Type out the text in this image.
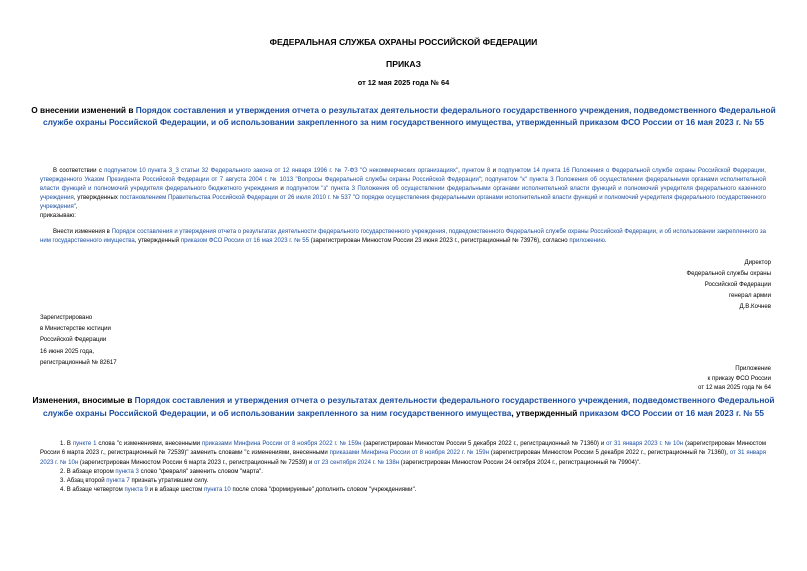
ФЕДЕРАЛЬНАЯ СЛУЖБА ОХРАНЫ РОССИЙСКОЙ ФЕДЕРАЦИИ
ПРИКАЗ
от 12 мая 2025 года № 64
О внесении изменений в Порядок составления и утверждения отчета о результатах деятельности федерального государственного учреждения, подведомственного Федеральной службе охраны Российской Федерации, и об использовании закрепленного за ним государственного имущества, утвержденный приказом ФСО России от 16 мая 2023 г. № 55
В соответствии с подпунктом 10 пункта 3_3 статьи 32 Федерального закона от 12 января 1996 г. № 7-ФЗ "О некоммерческих организациях", пунктом 8 и подпунктом 14 пункта 16 Положения о Федеральной службе охраны Российской Федерации, утвержденного Указом Президента Российской Федерации от 7 августа 2004 г. № 1013 "Вопросы Федеральной службы охраны Российской Федерации"; подпунктом "к" пункта 3 Положения об осуществлении федеральными органами исполнительной власти функций и полномочий учредителя федерального бюджетного учреждения и подпунктом "з" пункта 3 Положения об осуществлении федеральными органами исполнительной власти функций и полномочий учредителя федерального казенного учреждения, утвержденных постановлением Правительства Российской Федерации от 26 июля 2010 г. № 537 "О порядке осуществления федеральными органами исполнительной власти функций и полномочий учредителя федерального государственного учреждения",
приказываю:
Внести изменения в Порядок составления и утверждения отчета о результатах деятельности федерального государственного учреждения, подведомственного Федеральной службе охраны Российской Федерации, и об использовании закрепленного за ним государственного имущества, утвержденный приказом ФСО России от 16 мая 2023 г. № 55 (зарегистрирован Минюстом России 23 июня 2023 г., регистрационный № 73976), согласно приложению.
Директор
Федеральной службы охраны
Российской Федерации
генерал армии
Д.В.Кочнев
Зарегистрировано
в Министерстве юстиции
Российской Федерации
16 июня 2025 года,
регистрационный № 82617
Приложение
к приказу ФСО России
от 12 мая 2025 года № 64
Изменения, вносимые в Порядок составления и утверждения отчета о результатах деятельности федерального государственного учреждения, подведомственного Федеральной службе охраны Российской Федерации, и об использовании закрепленного за ним государственного имущества, утвержденный приказом ФСО России от 16 мая 2023 г. № 55

1. В пункте 1 слова "с изменениями, внесенными приказами Минфина России от 8 ноября 2022 г. № 159н (зарегистрирован Минюстом России 5 декабря 2022 г., регистрационный № 71360) и от 31 января 2023 г. № 10н (зарегистрирован Минюстом России 6 марта 2023 г., регистрационный № 72539)" заменить словами "с изменениями, внесенными приказами Минфина России от 8 ноября 2022 г. № 159н (зарегистрирован Минюстом России 5 декабря 2022 г., регистрационный № 71360), от 31 января 2023 г. № 10н (зарегистрирован Минюстом России 6 марта 2023 г., регистрационный № 72539) и от 23 сентября 2024 г. № 138н (зарегистрирован Минюстом России 24 октября 2024 г., регистрационный № 79904)".

2. В абзаце втором пункта 3 слово "февраля" заменить словом "марта".

3. Абзац второй пункта 7 признать утратившим силу.

4. В абзаце четвертом пункта 9 и в абзаце шестом пункта 10 после слова "формируемые" дополнить словом "учреждениями".
